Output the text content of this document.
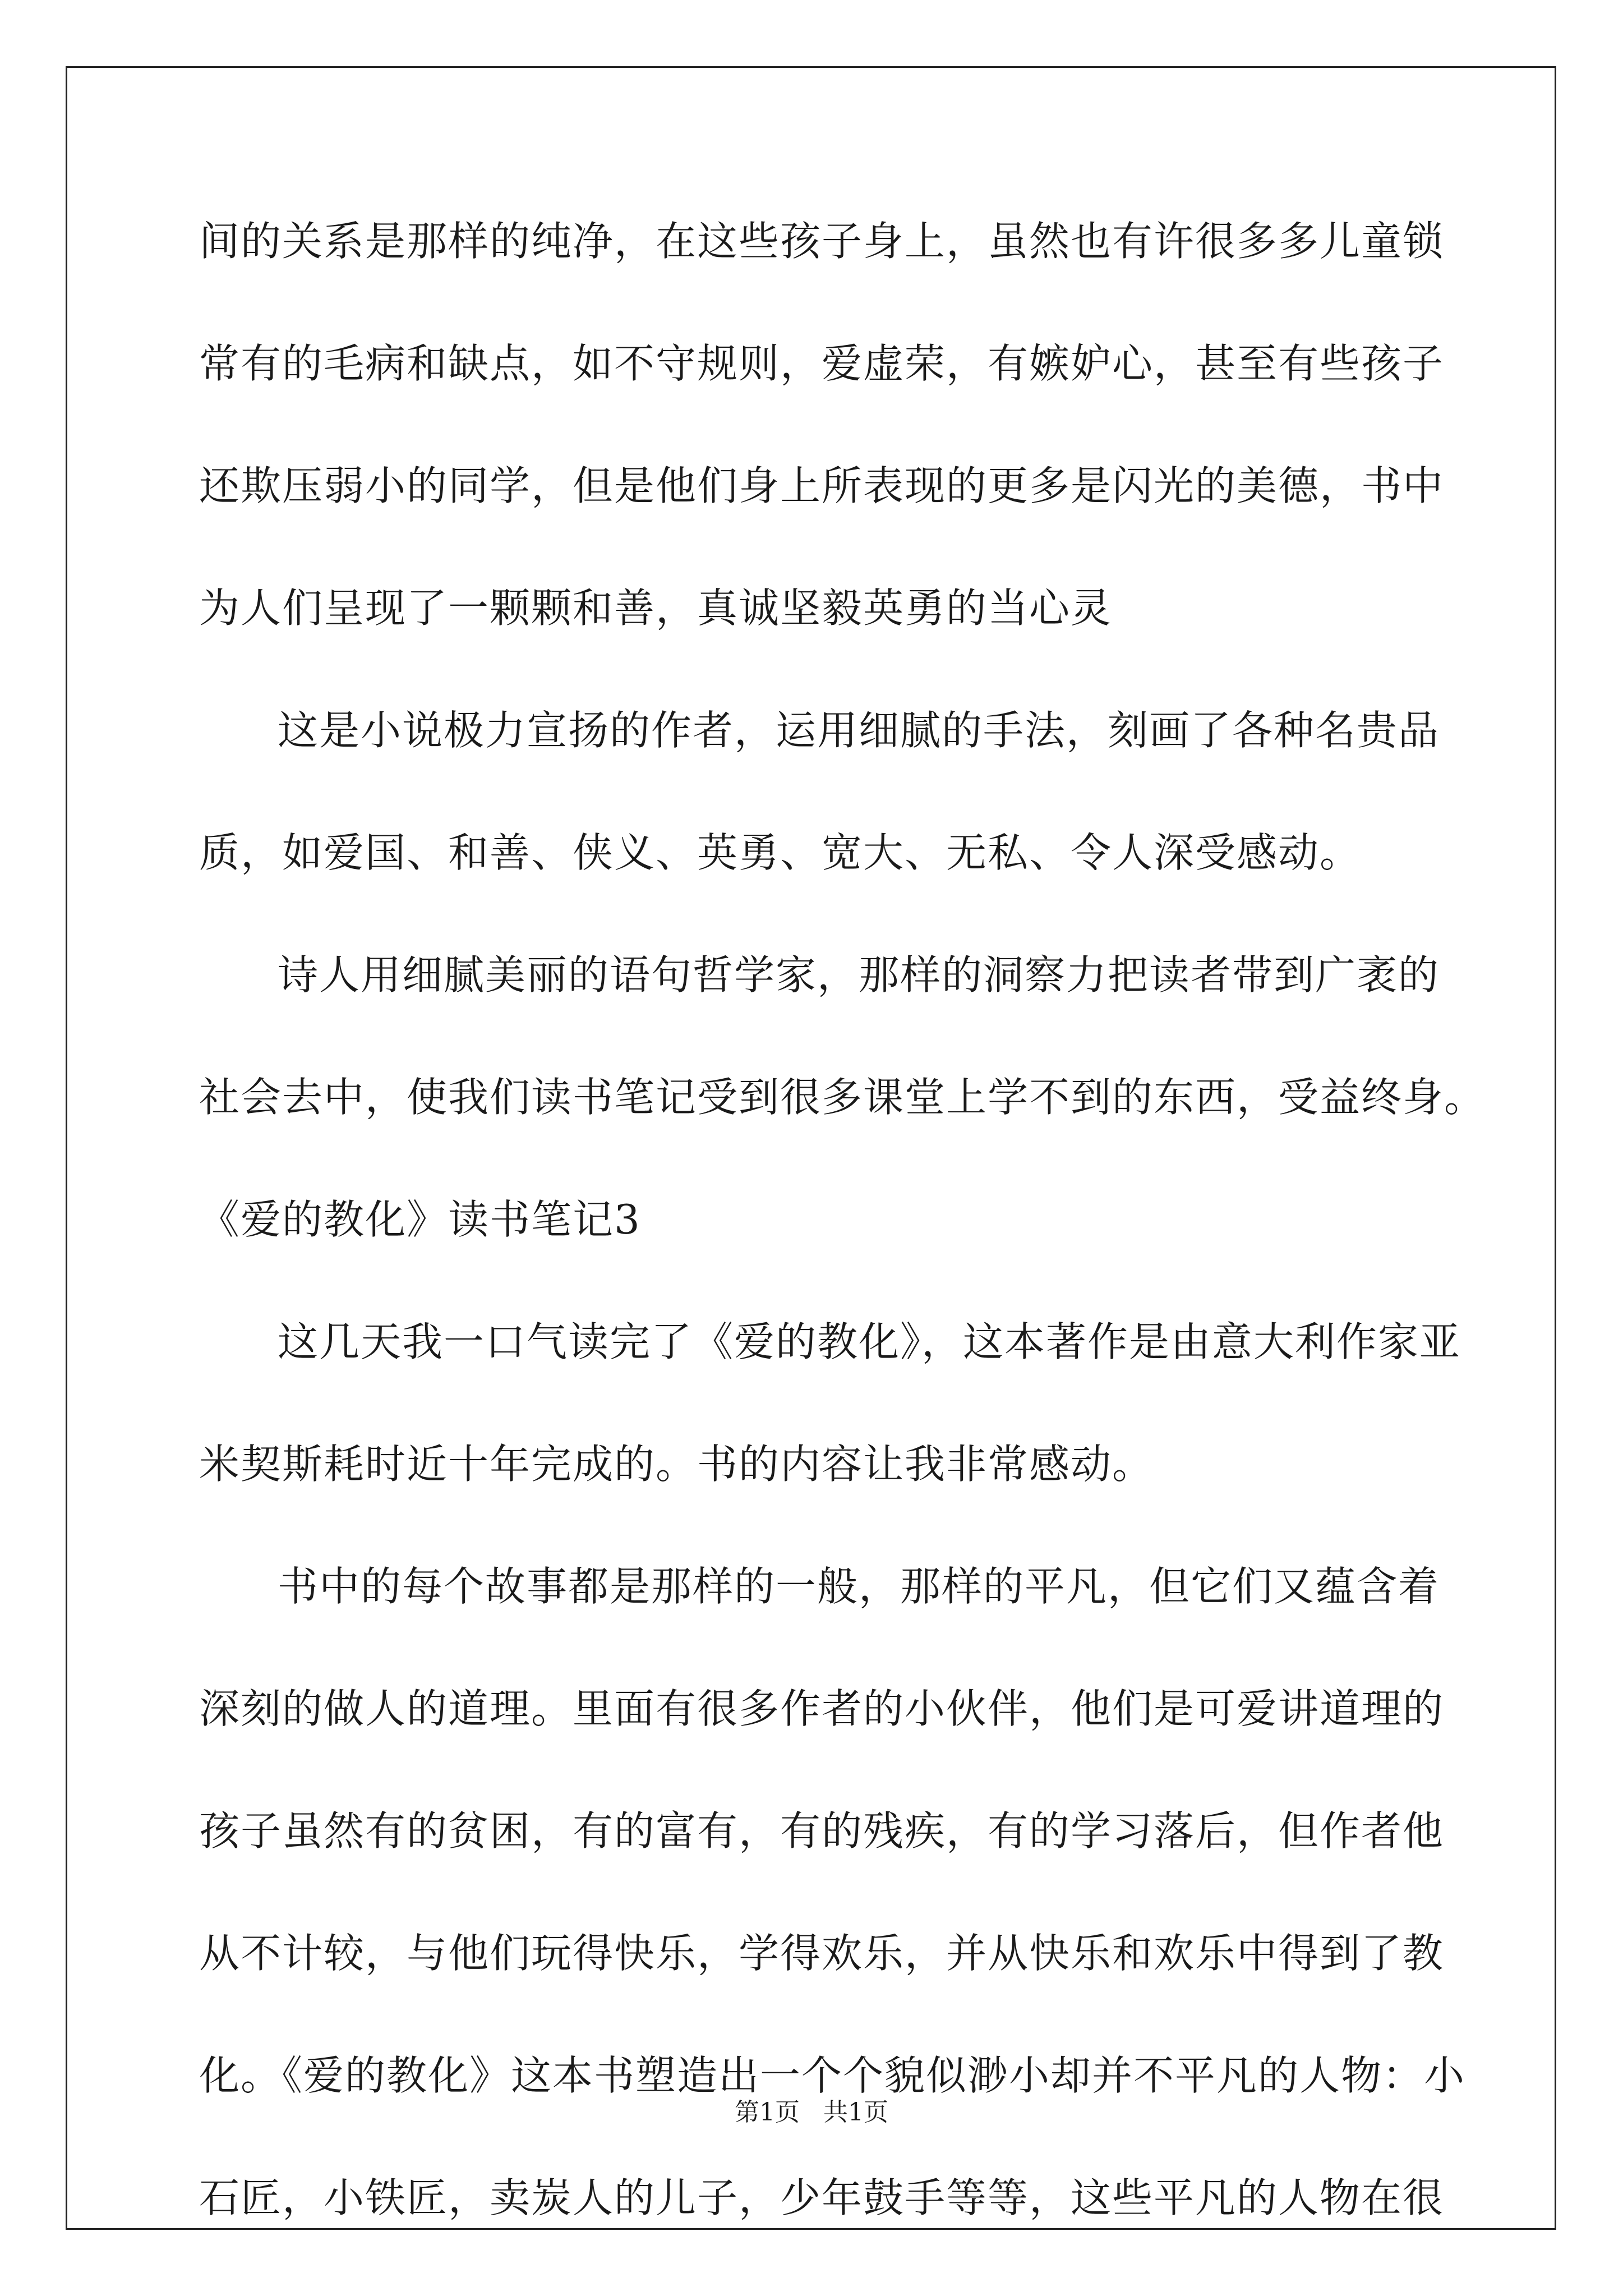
间的关系是那样的纯净，在这些孩子身上，虽然也有许很多多儿童锁
常有的毛病和缺点，如不守规则，爱虚荣，有嫉妒心，甚至有些孩子
还欺压弱小的同学，但是他们身上所表现的更多是闪光的美德，书中
为人们呈现了一颗颗和善，真诚坚毅英勇的当心灵
这是小说极力宣扬的作者，运用细腻的手法，刻画了各种名贵品
质，如爱国、和善、侠义、英勇、宽大、无私、令人深受感动。
诗人用细腻美丽的语句哲学家，那样的洞察力把读者带到广袤的
社会去中，使我们读书笔记受到很多课堂上学不到的东西，受益终身。
《爱的教化》读书笔记3
这几天我一口气读完了《爱的教化》，这本著作是由意大利作家亚
米契斯耗时近十年完成的。书的内容让我非常感动。
书中的每个故事都是那样的一般，那样的平凡，但它们又蕴含着
深刻的做人的道理。里面有很多作者的小伙伴，他们是可爱讲道理的
孩子虽然有的贫困，有的富有，有的残疾，有的学习落后，但作者他
从不计较，与他们玩得快乐，学得欢乐，并从快乐和欢乐中得到了教
化。《爱的教化》这本书塑造出一个个貌似渺小却并不平凡的人物：小
石匠，小铁匠，卖炭人的儿子，少年鼓手等等，这些平凡的人物在很
第1页 共1页
